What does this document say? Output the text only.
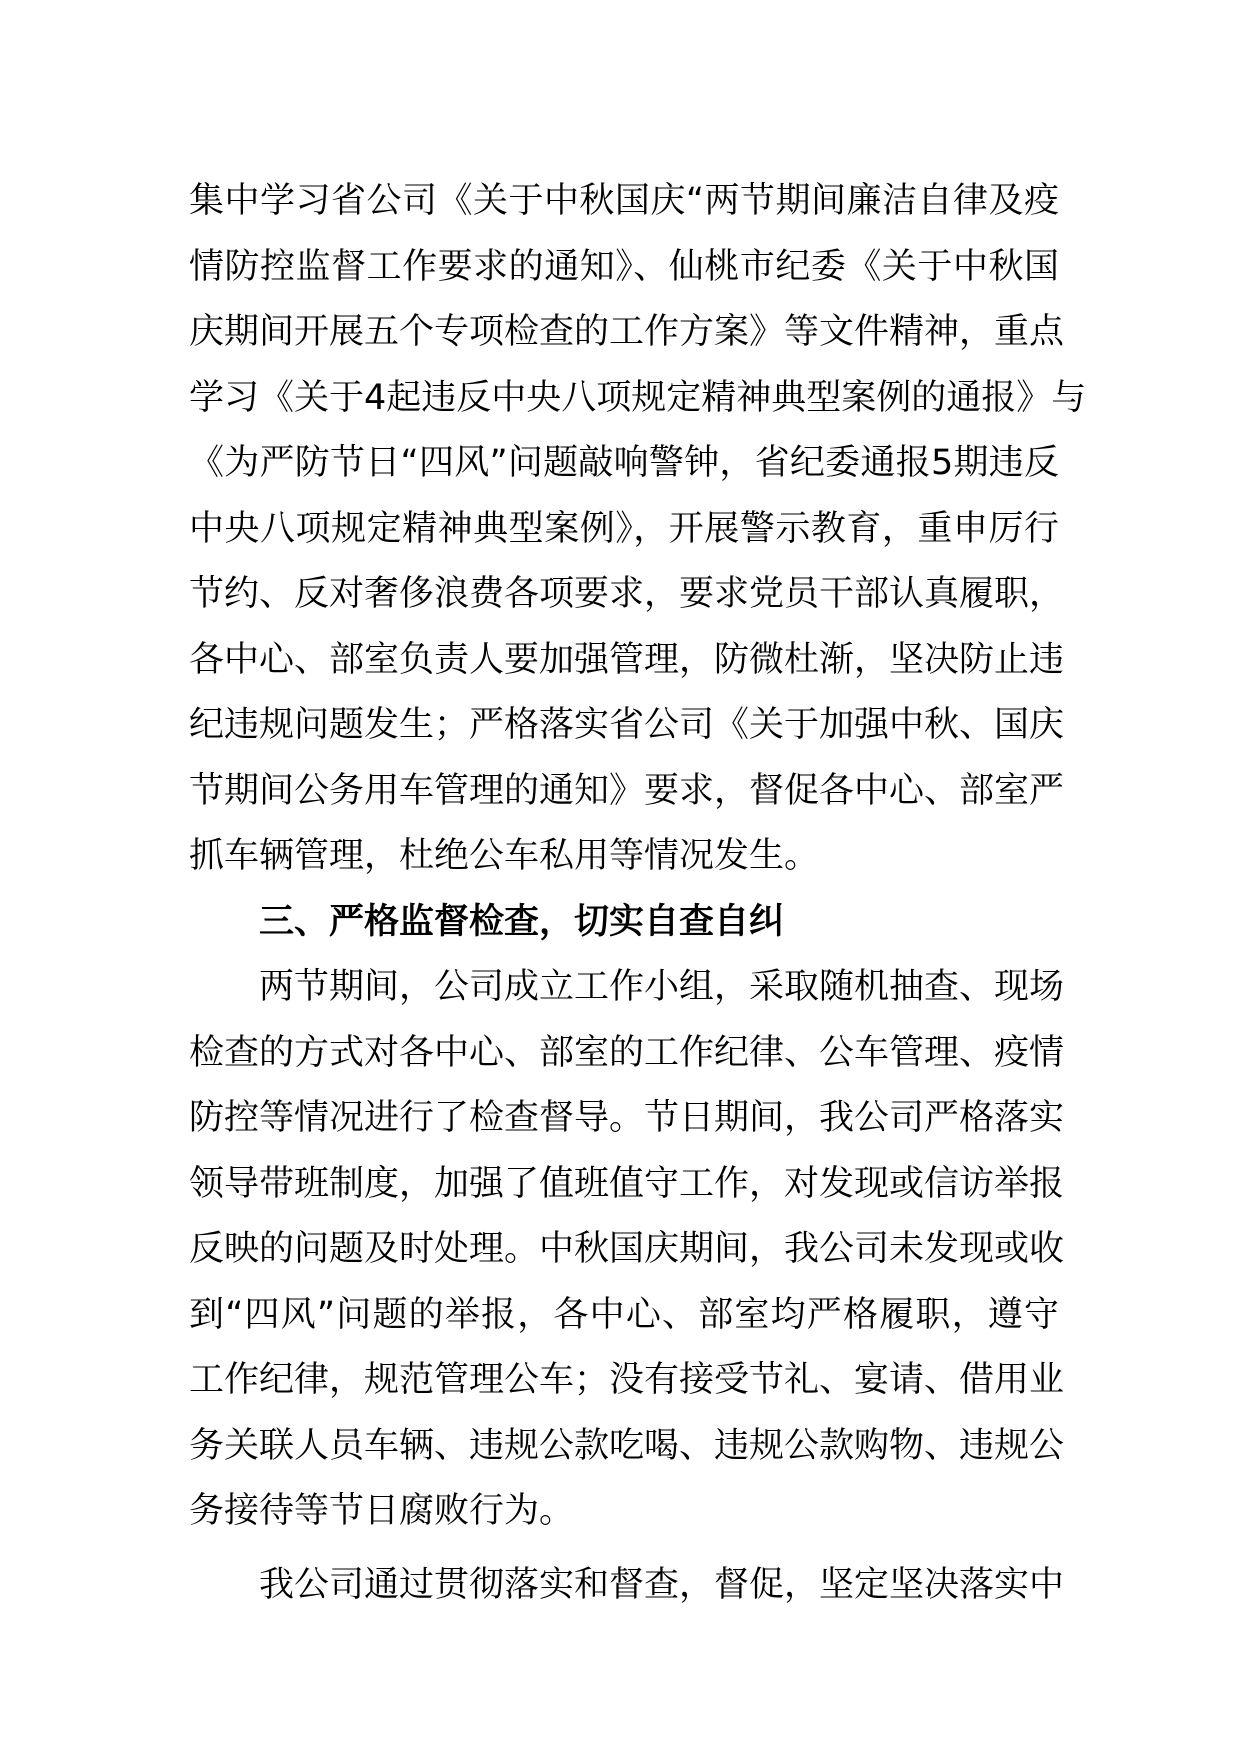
集中学习省公司《关于中秋国庆“两节期间廉洁自律及疫
情防控监督工作要求的通知》、仙桃市纪委《关于中秋国
庆期间开展五个专项检查的工作方案》等文件精神，重点
学习《关于4起违反中央八项规定精神典型案例的通报》与
《为严防节日“四风”问题敲响警钟，省纪委通报5期违反
中央八项规定精神典型案例》，开展警示教育，重申厉行
节约、反对奢侈浪费各项要求，要求党员干部认真履职，
各中心、部室负责人要加强管理，防微杜渐，坚决防止违
纪违规问题发生；严格落实省公司《关于加强中秋、国庆
节期间公务用车管理的通知》要求，督促各中心、部室严
抓车辆管理，杜绝公车私用等情况发生。
三、严格监督检查，切实自查自纠
两节期间，公司成立工作小组，采取随机抽查、现场
检查的方式对各中心、部室的工作纪律、公车管理、疫情
防控等情况进行了检查督导。节日期间，我公司严格落实
领导带班制度，加强了值班值守工作，对发现或信访举报
反映的问题及时处理。中秋国庆期间，我公司未发现或收
到“四风”问题的举报，各中心、部室均严格履职，遵守
工作纪律，规范管理公车；没有接受节礼、宴请、借用业
务关联人员车辆、违规公款吃喝、违规公款购物、违规公
务接待等节日腐败行为。
我公司通过贯彻落实和督查，督促，坚定坚决落实中
